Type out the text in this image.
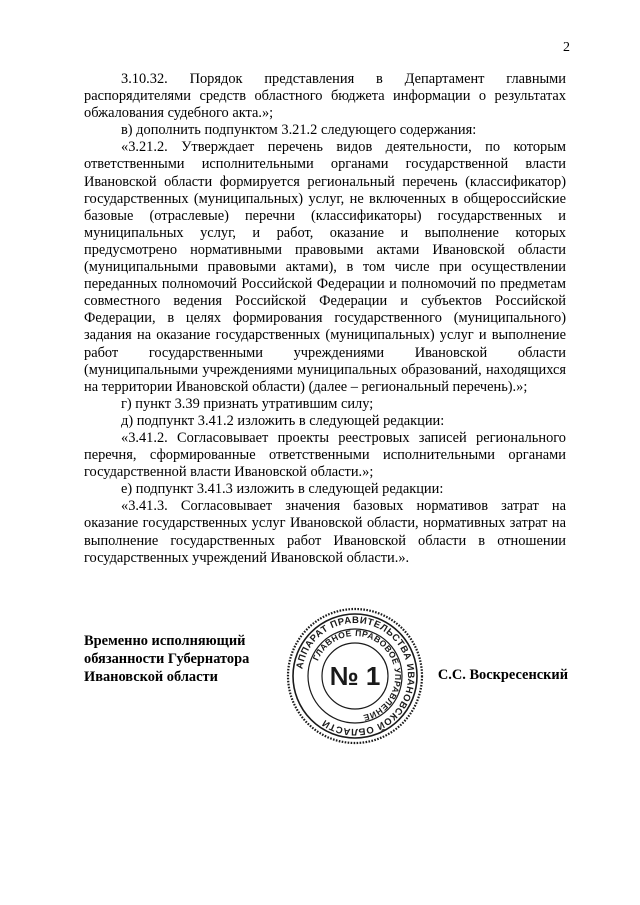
2

3.10.32. Порядок представления в Департамент главными распорядителями средств областного бюджета информации о результатах обжалования судебного акта.»;

в) дополнить подпунктом 3.21.2 следующего содержания:

«3.21.2. Утверждает перечень видов деятельности, по которым ответственными исполнительными органами государственной власти Ивановской области формируется региональный перечень (классификатор) государственных (муниципальных) услуг, не включенных в общероссийские базовые (отраслевые) перечни (классификаторы) государственных и муниципальных услуг, и работ, оказание и выполнение которых предусмотрено нормативными правовыми актами Ивановской области (муниципальными правовыми актами), в том числе при осуществлении переданных полномочий Российской Федерации и полномочий по предметам совместного ведения Российской Федерации и субъектов Российской Федерации, в целях формирования государственного (муниципального) задания на оказание государственных (муниципальных) услуг и выполнение работ государственными учреждениями Ивановской области (муниципальными учреждениями муниципальных образований, находящихся на территории Ивановской области) (далее – региональный перечень).»;

г) пункт 3.39 признать утратившим силу;

д) подпункт 3.41.2 изложить в следующей редакции:

«3.41.2. Согласовывает проекты реестровых записей регионального перечня, сформированные ответственными исполнительными органами государственной власти Ивановской области.»;

е) подпункт 3.41.3 изложить в следующей редакции:

«3.41.3. Согласовывает значения базовых нормативов затрат на оказание государственных услуг Ивановской области, нормативных затрат на выполнение государственных работ Ивановской области в отношении государственных учреждений Ивановской области.».

Временно исполняющий
обязанности Губернатора
Ивановской области
АППАРАТ ПРАВИТЕЛЬСТВА ИВАНОВСКОЙ ОБЛАСТИ
ГЛАВНОЕ ПРАВОВОЕ УПРАВЛЕНИЕ
№ 1	С.С. Воскресенский
